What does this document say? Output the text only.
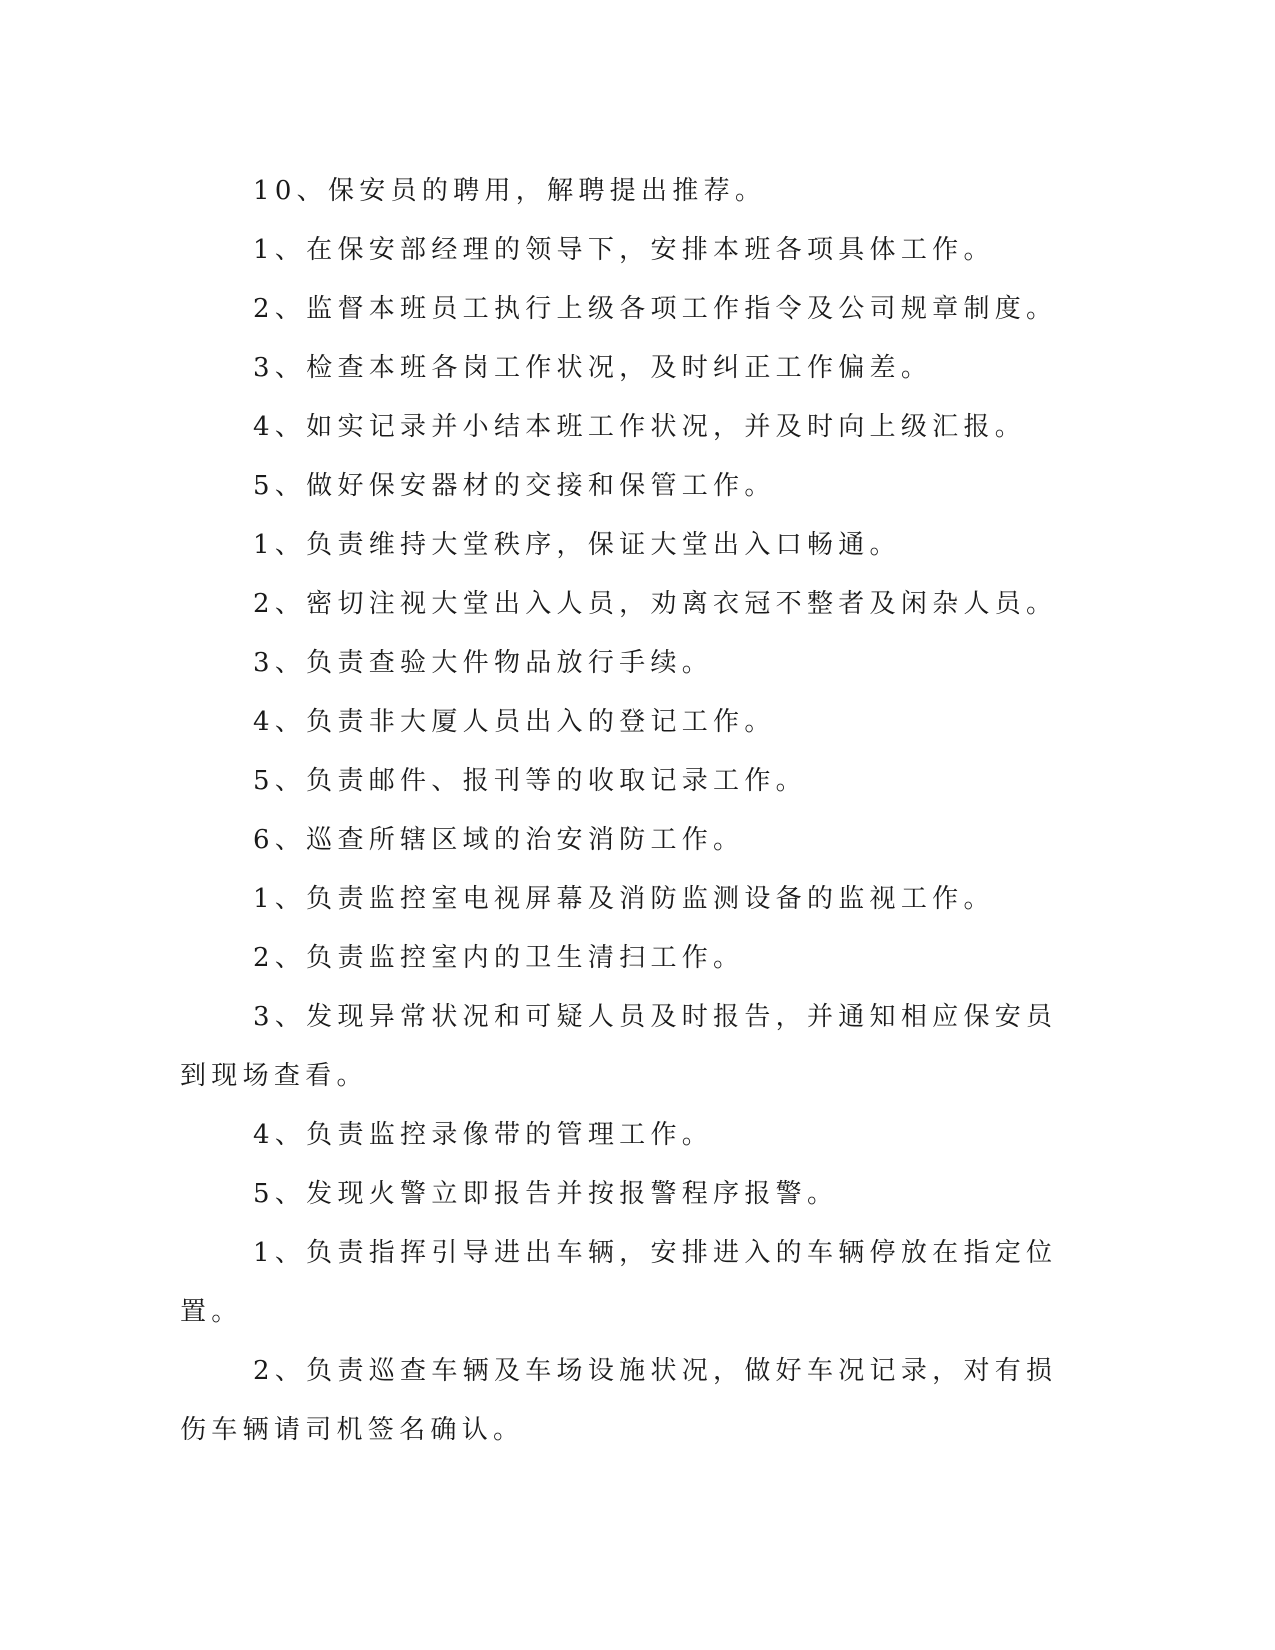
10、保安员的聘用，解聘提出推荐。

1、在保安部经理的领导下，安排本班各项具体工作。

2、监督本班员工执行上级各项工作指令及公司规章制度。

3、检查本班各岗工作状况，及时纠正工作偏差。

4、如实记录并小结本班工作状况，并及时向上级汇报。

5、做好保安器材的交接和保管工作。

1、负责维持大堂秩序，保证大堂出入口畅通。

2、密切注视大堂出入人员，劝离衣冠不整者及闲杂人员。

3、负责查验大件物品放行手续。

4、负责非大厦人员出入的登记工作。

5、负责邮件、报刊等的收取记录工作。

6、巡查所辖区域的治安消防工作。

1、负责监控室电视屏幕及消防监测设备的监视工作。

2、负责监控室内的卫生清扫工作。

3、发现异常状况和可疑人员及时报告，并通知相应保安员到现场查看。

4、负责监控录像带的管理工作。

5、发现火警立即报告并按报警程序报警。

1、负责指挥引导进出车辆，安排进入的车辆停放在指定位置。

2、负责巡查车辆及车场设施状况，做好车况记录，对有损伤车辆请司机签名确认。
